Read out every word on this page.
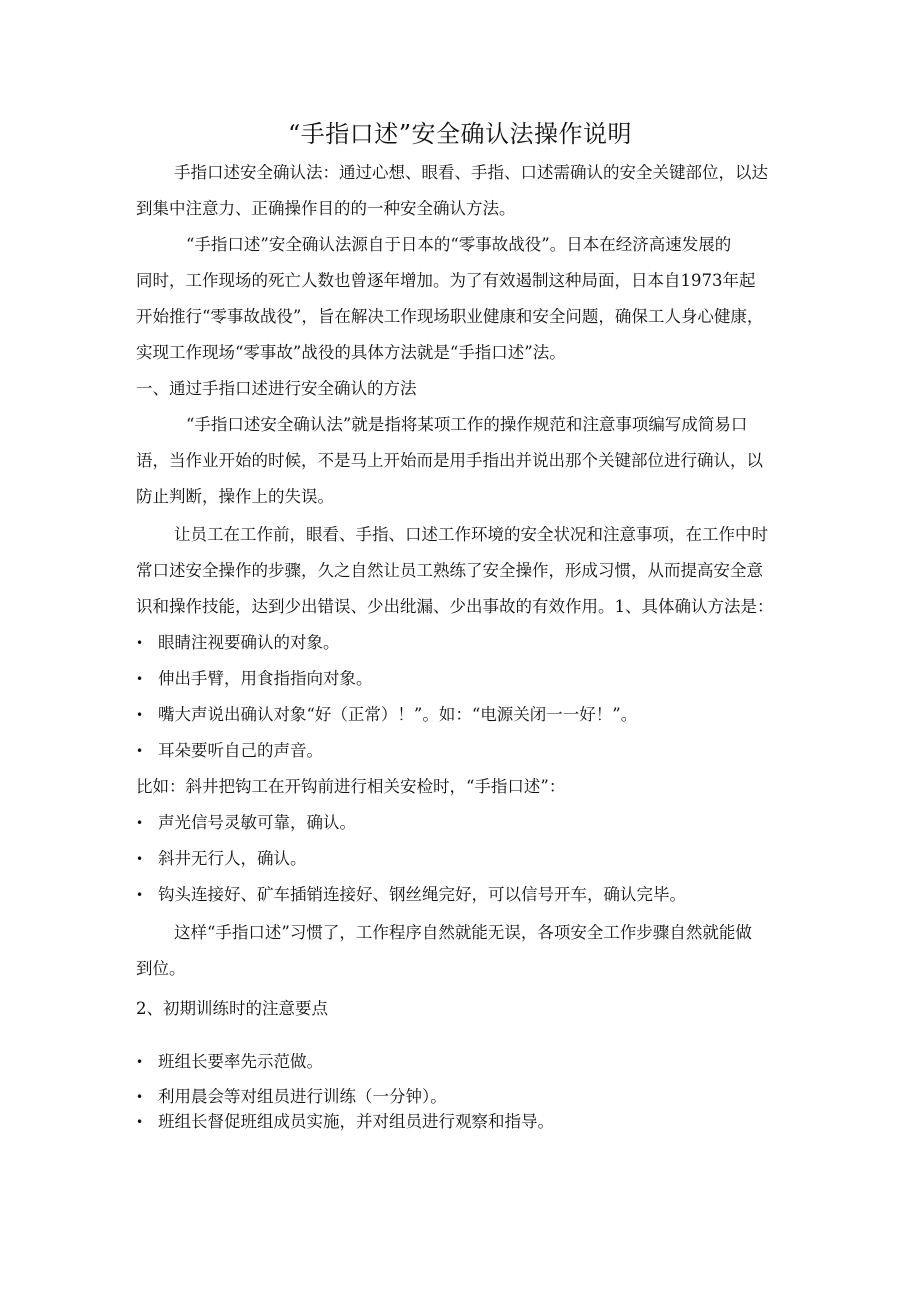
“手指口述”安全确认法操作说明
手指口述安全确认法：通过心想、眼看、手指、口述需确认的安全关键部位，以达
到集中注意力、正确操作目的的一种安全确认方法。
“手指口述”安全确认法源自于日本的“零事故战役”。日本在经济高速发展的
同时，工作现场的死亡人数也曾逐年增加。为了有效遏制这种局面，日本自1973年起
开始推行“零事故战役”，旨在解决工作现场职业健康和安全问题，确保工人身心健康，
实现工作现场“零事故”战役的具体方法就是“手指口述”法。
一、通过手指口述进行安全确认的方法
“手指口述安全确认法”就是指将某项工作的操作规范和注意事项编写成简易口
语，当作业开始的时候，不是马上开始而是用手指出并说出那个关键部位进行确认，以
防止判断，操作上的失误。
让员工在工作前，眼看、手指、口述工作环境的安全状况和注意事项，在工作中时
常口述安全操作的步骤，久之自然让员工熟练了安全操作，形成习惯，从而提高安全意
识和操作技能，达到少出错误、少出纰漏、少出事故的有效作用。1、具体确认方法是：
• 眼睛注视要确认的对象。
• 伸出手臂，用食指指向对象。
• 嘴大声说出确认对象“好（正常）！”。如：“电源关闭一一好！”。
• 耳朵要听自己的声音。
比如：斜井把钩工在开钩前进行相关安检时，“手指口述”：
• 声光信号灵敏可靠，确认。
• 斜井无行人，确认。
• 钩头连接好、矿车插销连接好、钢丝绳完好，可以信号开车，确认完毕。
这样“手指口述”习惯了，工作程序自然就能无误，各项安全工作步骤自然就能做
到位。
2、初期训练时的注意要点
• 班组长要率先示范做。
• 利用晨会等对组员进行训练（一分钟）。
• 班组长督促班组成员实施，并对组员进行观察和指导。
